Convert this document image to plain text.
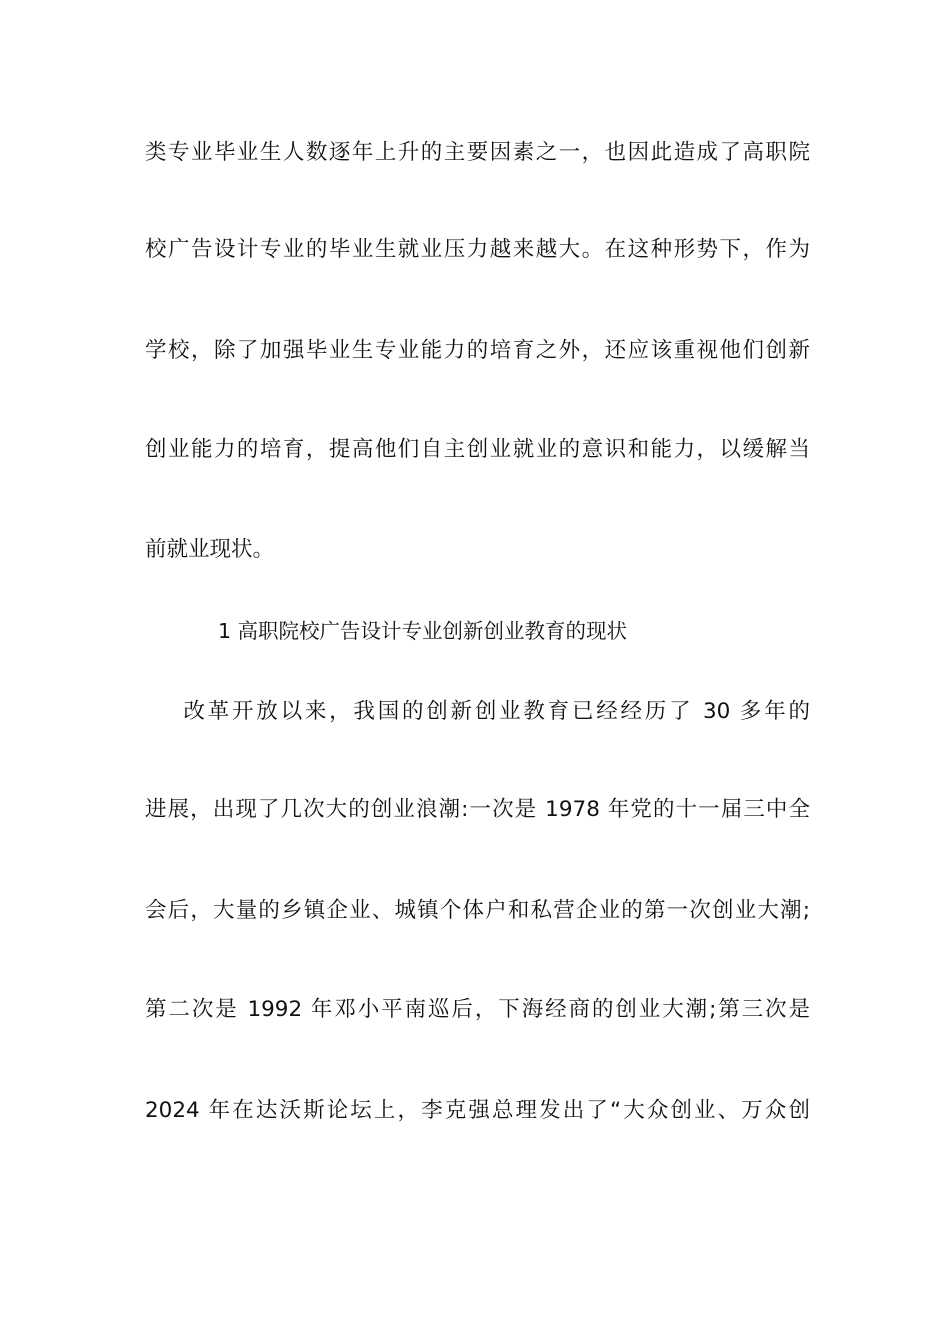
类专业毕业生人数逐年上升的主要因素之一，也因此造成了高职院

校广告设计专业的毕业生就业压力越来越大。在这种形势下，作为

学校，除了加强毕业生专业能力的培育之外，还应该重视他们创新

创业能力的培育，提高他们自主创业就业的意识和能力，以缓解当

前就业现状。

1 高职院校广告设计专业创新创业教育的现状

改革开放以来，我国的创新创业教育已经经历了 30 多年的

进展，出现了几次大的创业浪潮:一次是 1978 年党的十一届三中全

会后，大量的乡镇企业、城镇个体户和私营企业的第一次创业大潮;

第二次是 1992 年邓小平南巡后，下海经商的创业大潮;第三次是

2024 年在达沃斯论坛上，李克强总理发出了“大众创业、万众创
